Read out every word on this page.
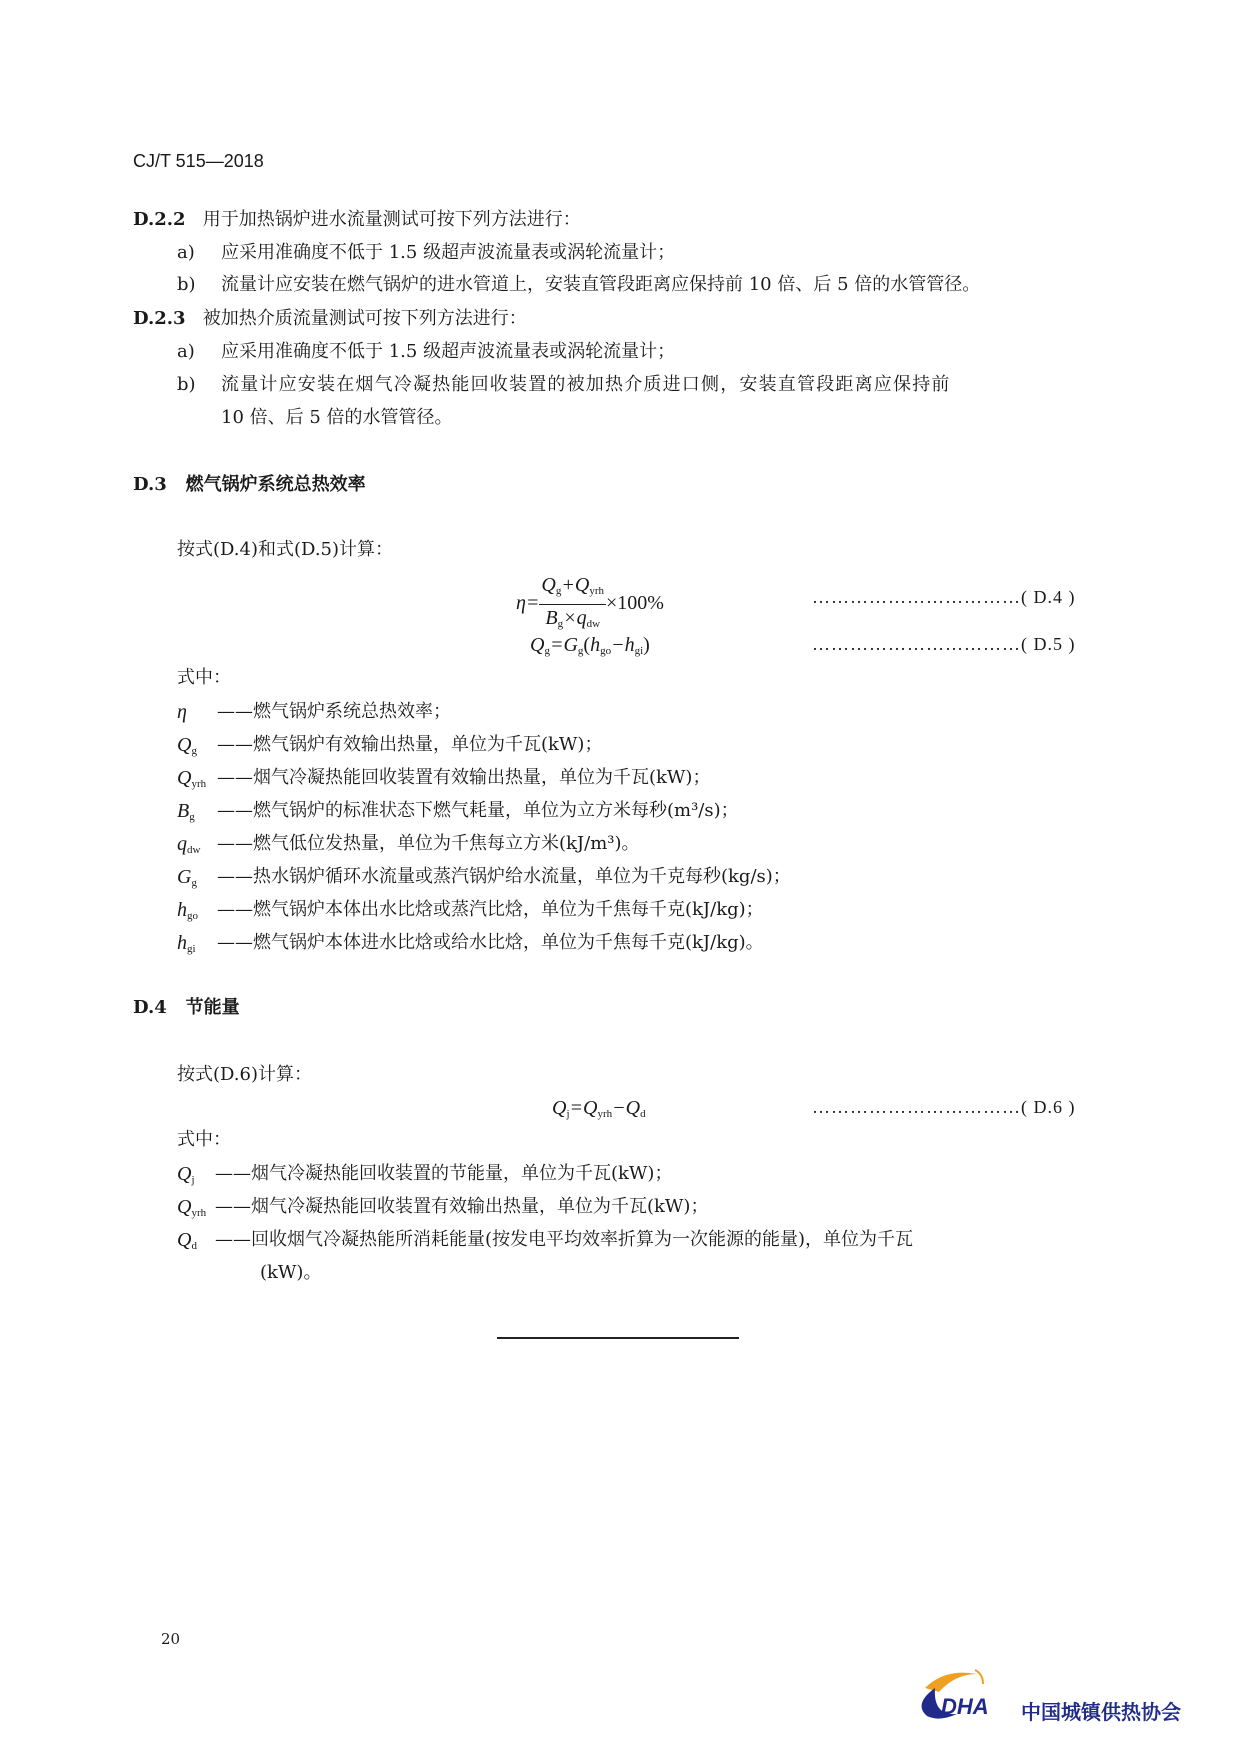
CJ/T 515—2018
D.2.2 用于加热锅炉进水流量测试可按下列方法进行：
a) 应采用准确度不低于 1.5 级超声波流量表或涡轮流量计；
b) 流量计应安装在燃气锅炉的进水管道上，安装直管段距离应保持前 10 倍、后 5 倍的水管管径。
D.2.3 被加热介质流量测试可按下列方法进行：
a) 应采用准确度不低于 1.5 级超声波流量表或涡轮流量计；
b) 流量计应安装在烟气冷凝热能回收装置的被加热介质进口侧，安装直管段距离应保持前
10 倍、后 5 倍的水管管径。
D.3 燃气锅炉系统总热效率
按式(D.4)和式(D.5)计算：
$\eta= \frac{Q_g+Q_{yrh}}{B_g\times q_{dw}} \times 100\%$	……………………………( D.4 )
$Q_g=G_g(h_{go}-h_{gi})$	……………………………( D.5 )
式中：
η ——燃气锅炉系统总热效率；
$Q_g$ ——燃气锅炉有效输出热量，单位为千瓦(kW)；
$Q_{yrh}$ ——烟气冷凝热能回收装置有效输出热量，单位为千瓦(kW)；
$B_g$ ——燃气锅炉的标准状态下燃气耗量，单位为立方米每秒(m³/s)；
$q_{dw}$ ——燃气低位发热量，单位为千焦每立方米(kJ/m³)。
$G_g$ ——热水锅炉循环水流量或蒸汽锅炉给水流量，单位为千克每秒(kg/s)；
$h_{go}$ ——燃气锅炉本体出水比焓或蒸汽比焓，单位为千焦每千克(kJ/kg)；
$h_{gi}$ ——燃气锅炉本体进水比焓或给水比焓，单位为千焦每千克(kJ/kg)。
D.4 节能量
按式(D.6)计算：
$Q_j=Q_{yrh}-Q_d$	……………………………( D.6 )
式中：
$Q_j$ ——烟气冷凝热能回收装置的节能量，单位为千瓦(kW)；
$Q_{yrh}$ ——烟气冷凝热能回收装置有效输出热量，单位为千瓦(kW)；
$Q_d$ ——回收烟气冷凝热能所消耗能量(按发电平均效率折算为一次能源的能量)，单位为千瓦
(kW)。
20
DHA 中国城镇供热协会
